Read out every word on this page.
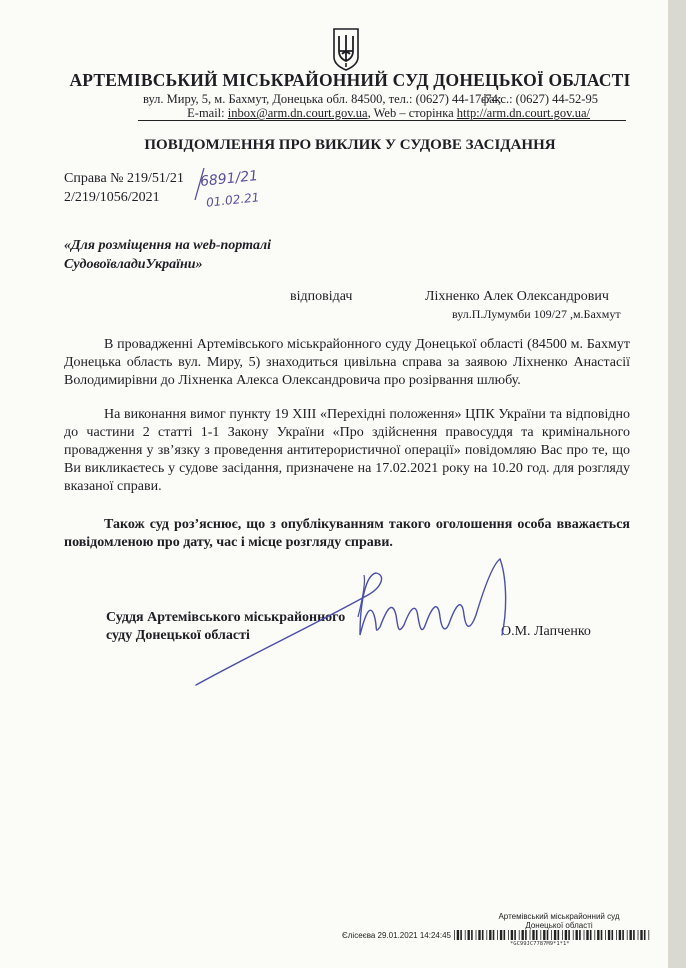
АРТЕМІВСЬКИЙ МІСЬКРАЙОННИЙ СУД ДОНЕЦЬКОЇ ОБЛАСТІ
вул. Миру, 5, м. Бахмут, Донецька обл. 84500, тел.: (0627) 44-17-74;
факс.: (0627) 44-52-95
E-mail: inbox@arm.dn.court.gov.ua, Web – сторінка http://arm.dn.court.gov.ua/
ПОВІДОМЛЕННЯ ПРО ВИКЛИК У СУДОВЕ ЗАСІДАННЯ
Справа № 219/51/21
2/219/1056/2021
6891/21
01.02.21
«Для розміщення на web-порталі
СудовоївладиУкраїни»
відповідач	Ліхненко Алек Олександрович
вул.П.Лумумби 109/27 ,м.Бахмут
В провадженні Артемівського міськрайонного суду Донецької області (84500 м. Бахмут Донецька область вул. Миру, 5) знаходиться цивільна справа за заявою Ліхненко Анастасії Володимирівни до Ліхненка Алекса Олександровича про розірвання шлюбу.
На виконання вимог пункту 19 ХІІІ «Перехідні положення» ЦПК України та відповідно до частини 2 статті 1-1 Закону України «Про здійснення правосуддя та кримінального провадження у зв’язку з проведення антитерористичної операції» повідомляю Вас про те, що Ви викликаєтесь у судове засідання, призначене на 17.02.2021 року на 10.20 год. для розгляду вказаної справи.
Також суд роз’яснює, що з опублікуванням такого оголошення особа вважається повідомленою про дату, час і місце розгляду справи.
Суддя Артемівського міськрайонного
суду Донецької області	О.М. Лапченко
Артемівський міськрайонний суд
Донецької області
Єлісеєва 29.01.2021 14:24:45
*GC99JC7787M9*1*1*
